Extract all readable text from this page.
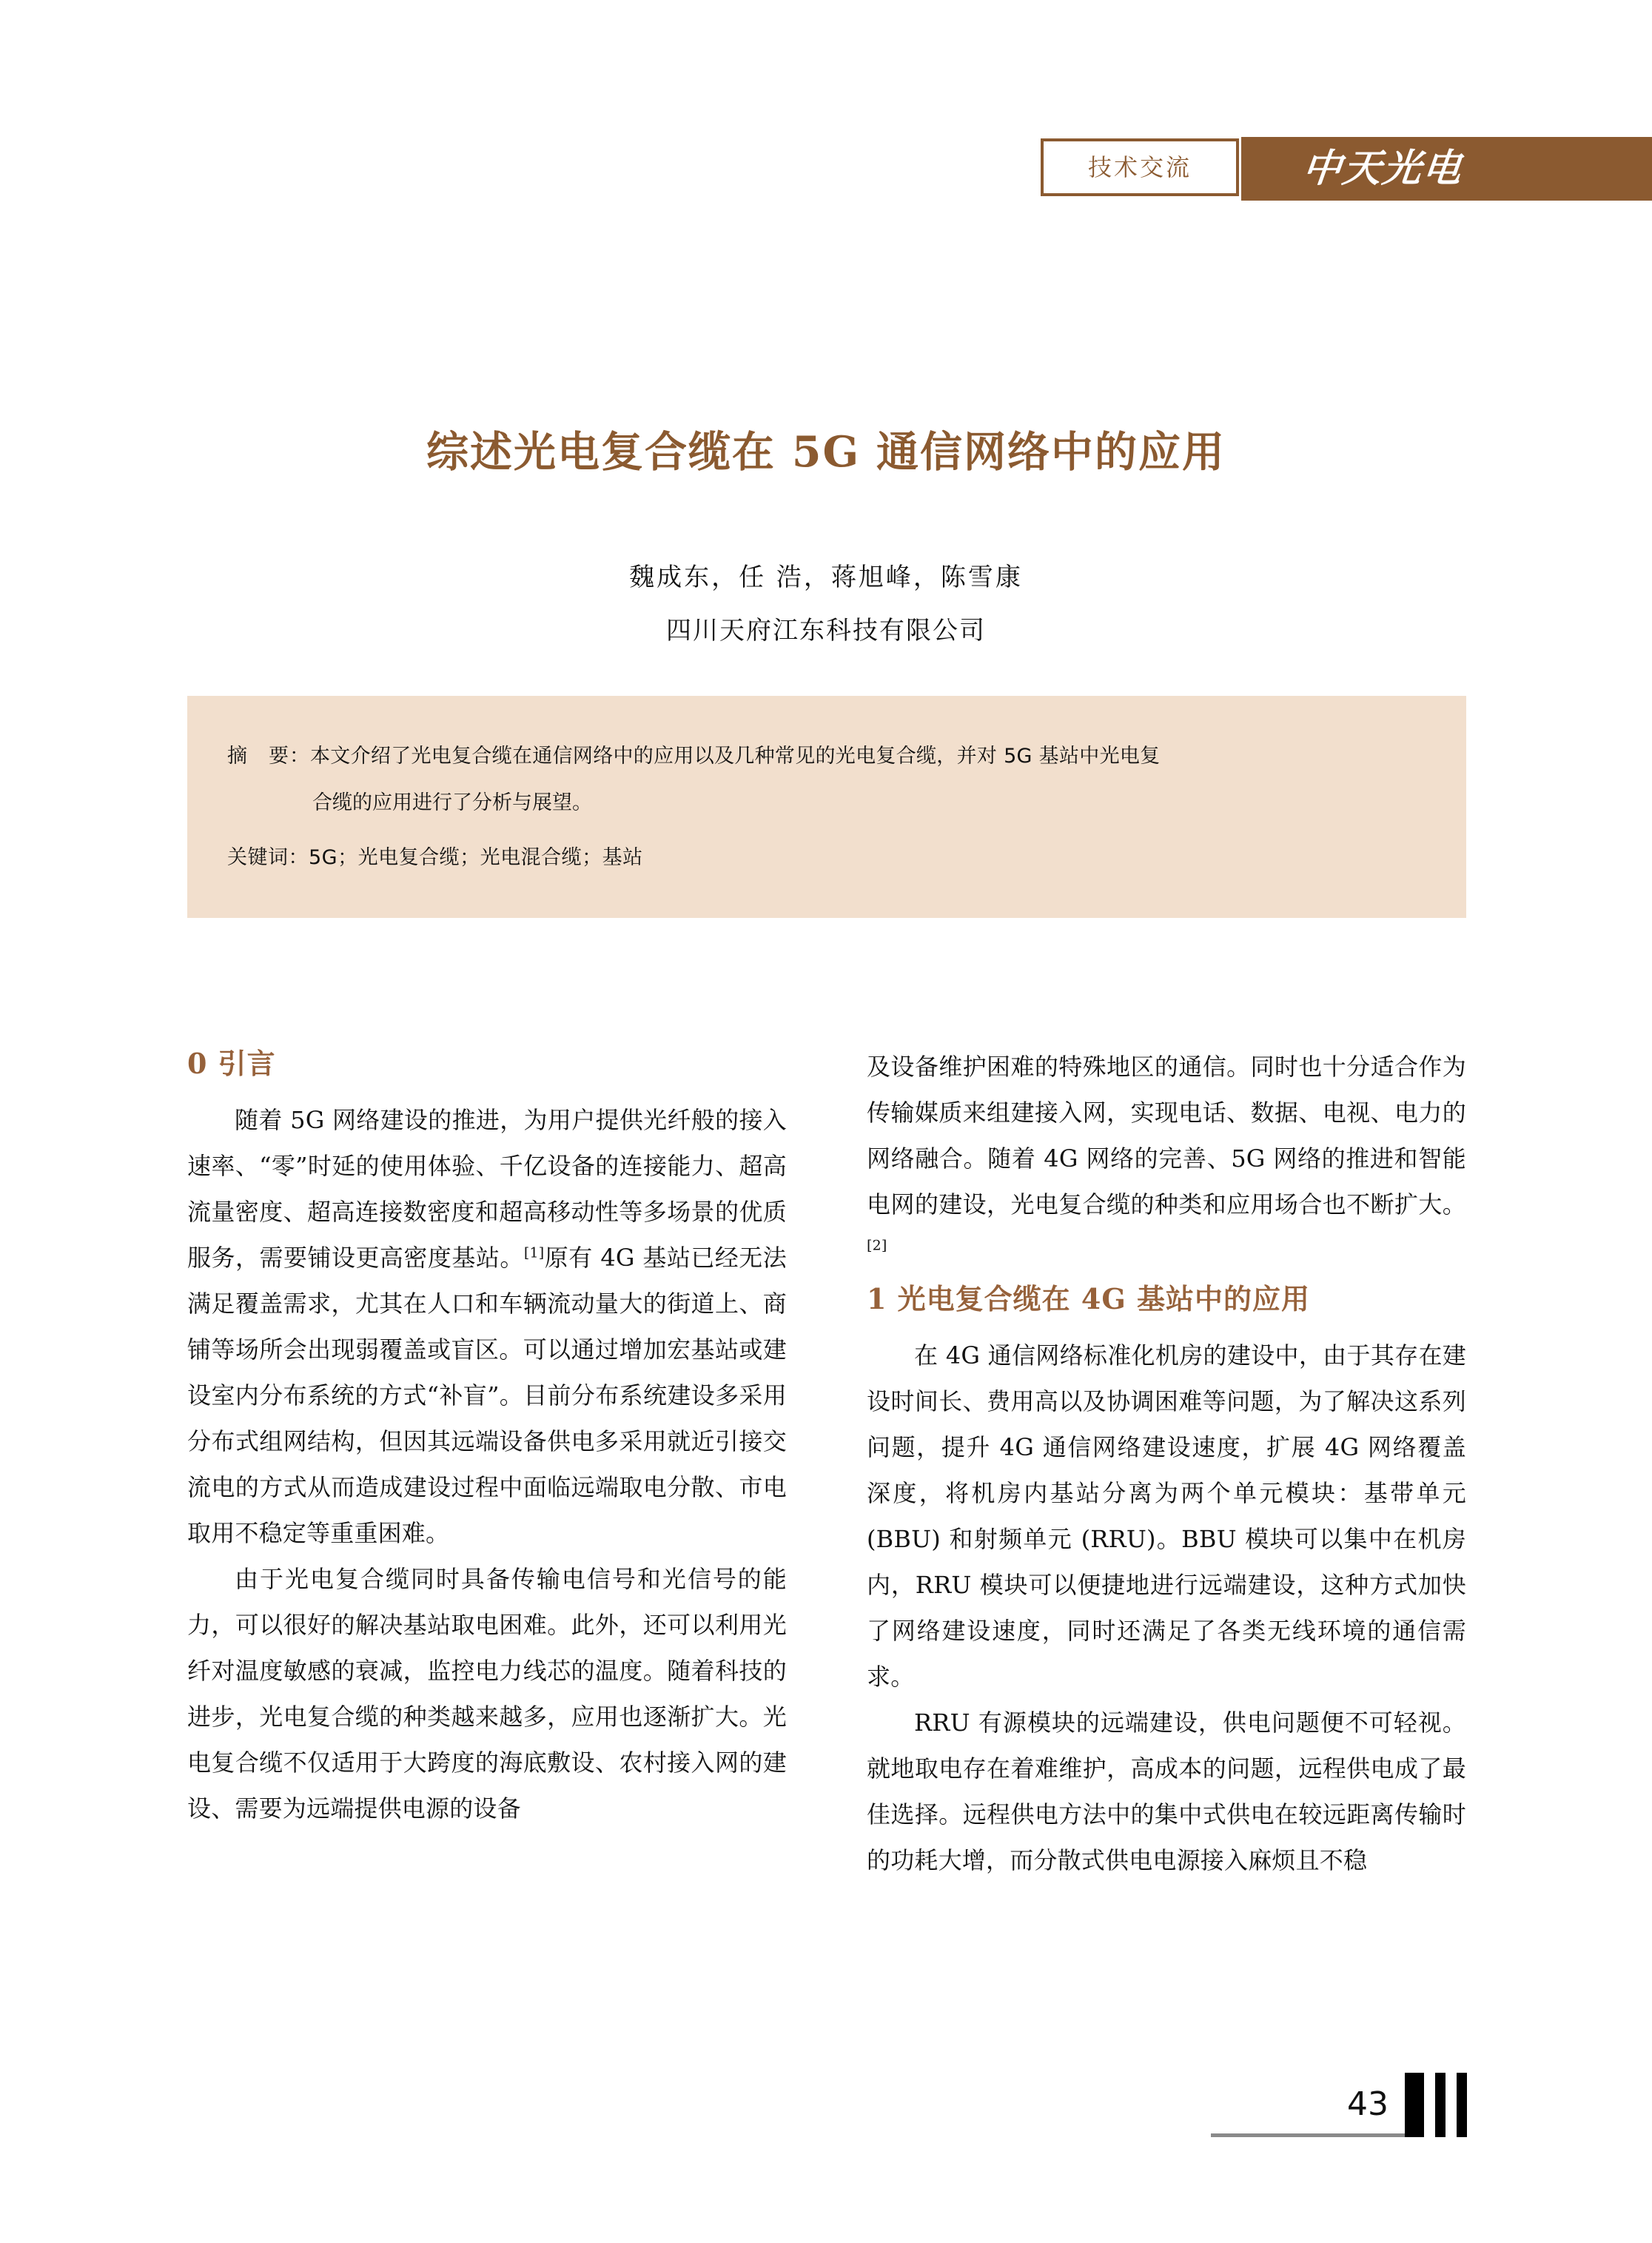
中天光电
技术交流
综述光电复合缆在 5G 通信网络中的应用
魏成东，任 浩，蒋旭峰，陈雪康
四川天府江东科技有限公司
摘　要： 本文介绍了光电复合缆在通信网络中的应用以及几种常见的光电复合缆，并对 5G 基站中光电复
合缆的应用进行了分析与展望。
关键词：5G；光电复合缆；光电混合缆；基站
0 引言

随着 5G 网络建设的推进，为用户提供光纤般的接入速率、“零”时延的使用体验、千亿设备的连接能力、超高流量密度、超高连接数密度和超高移动性等多场景的优质服务，需要铺设更高密度基站。[1]原有 4G 基站已经无法满足覆盖需求，尤其在人口和车辆流动量大的街道上、商铺等场所会出现弱覆盖或盲区。可以通过增加宏基站或建设室内分布系统的方式“补盲”。目前分布系统建设多采用分布式组网结构，但因其远端设备供电多采用就近引接交流电的方式从而造成建设过程中面临远端取电分散、市电取用不稳定等重重困难。

由于光电复合缆同时具备传输电信号和光信号的能力，可以很好的解决基站取电困难。此外，还可以利用光纤对温度敏感的衰减，监控电力线芯的温度。随着科技的进步，光电复合缆的种类越来越多，应用也逐渐扩大。光电复合缆不仅适用于大跨度的海底敷设、农村接入网的建设、需要为远端提供电源的设备

及设备维护困难的特殊地区的通信。同时也十分适合作为传输媒质来组建接入网，实现电话、数据、电视、电力的网络融合。随着 4G 网络的完善、5G 网络的推进和智能电网的建设，光电复合缆的种类和应用场合也不断扩大。[2]

1 光电复合缆在 4G 基站中的应用

在 4G 通信网络标准化机房的建设中，由于其存在建设时间长、费用高以及协调困难等问题，为了解决这系列问题，提升 4G 通信网络建设速度，扩展 4G 网络覆盖深度，将机房内基站分离为两个单元模块：基带单元 (BBU) 和射频单元 (RRU)。BBU 模块可以集中在机房内，RRU 模块可以便捷地进行远端建设，这种方式加快了网络建设速度，同时还满足了各类无线环境的通信需求。

RRU 有源模块的远端建设，供电问题便不可轻视。就地取电存在着难维护，高成本的问题，远程供电成了最佳选择。远程供电方法中的集中式供电在较远距离传输时的功耗大增，而分散式供电电源接入麻烦且不稳

43
